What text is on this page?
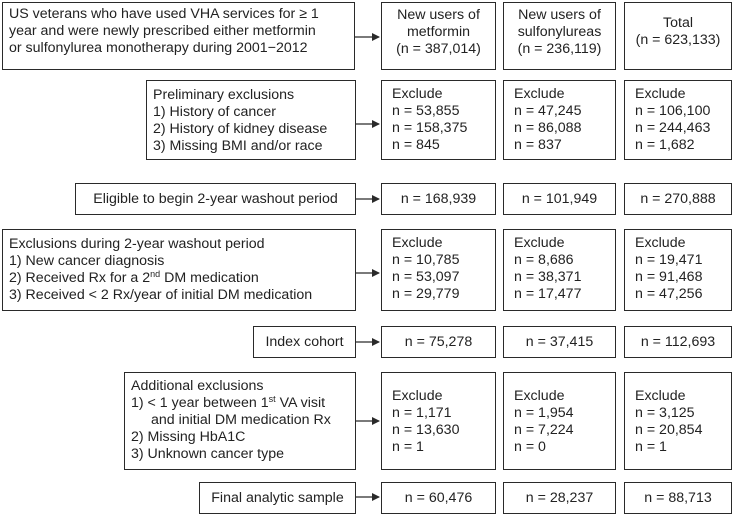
US veterans who have used VHA services for ≥ 1
year and were newly prescribed either metformin
or sulfonylurea monotherapy during 2001−2012
New users of
metformin
(n = 387,014)
New users of
sulfonylureas
(n = 236,119)
Total
(n = 623,133)
Preliminary exclusions
1) History of cancer
2) History of kidney disease
3) Missing BMI and/or race
Exclude
n = 53,855
n = 158,375
n = 845
Exclude
n = 47,245
n = 86,088
n = 837
Exclude
n = 106,100
n = 244,463
n = 1,682
Eligible to begin 2-year washout period	n = 168,939	n = 101,949	n = 270,888
Exclusions during 2-year washout period
1) New cancer diagnosis
2) Received Rx for a 2nd DM medication
3) Received < 2 Rx/year of initial DM medication
Exclude
n = 10,785
n = 53,097
n = 29,779
Exclude
n = 8,686
n = 38,371
n = 17,477
Exclude
n = 19,471
n = 91,468
n = 47,256
Index cohort	n = 75,278	n = 37,415	n = 112,693
Additional exclusions
1) < 1 year between 1st VA visit
and initial DM medication Rx
2) Missing HbA1C
3) Unknown cancer type
Exclude
n = 1,171
n = 13,630
n = 1
Exclude
n = 1,954
n = 7,224
n = 0
Exclude
n = 3,125
n = 20,854
n = 1
Final analytic sample	n = 60,476	n = 28,237	n = 88,713
